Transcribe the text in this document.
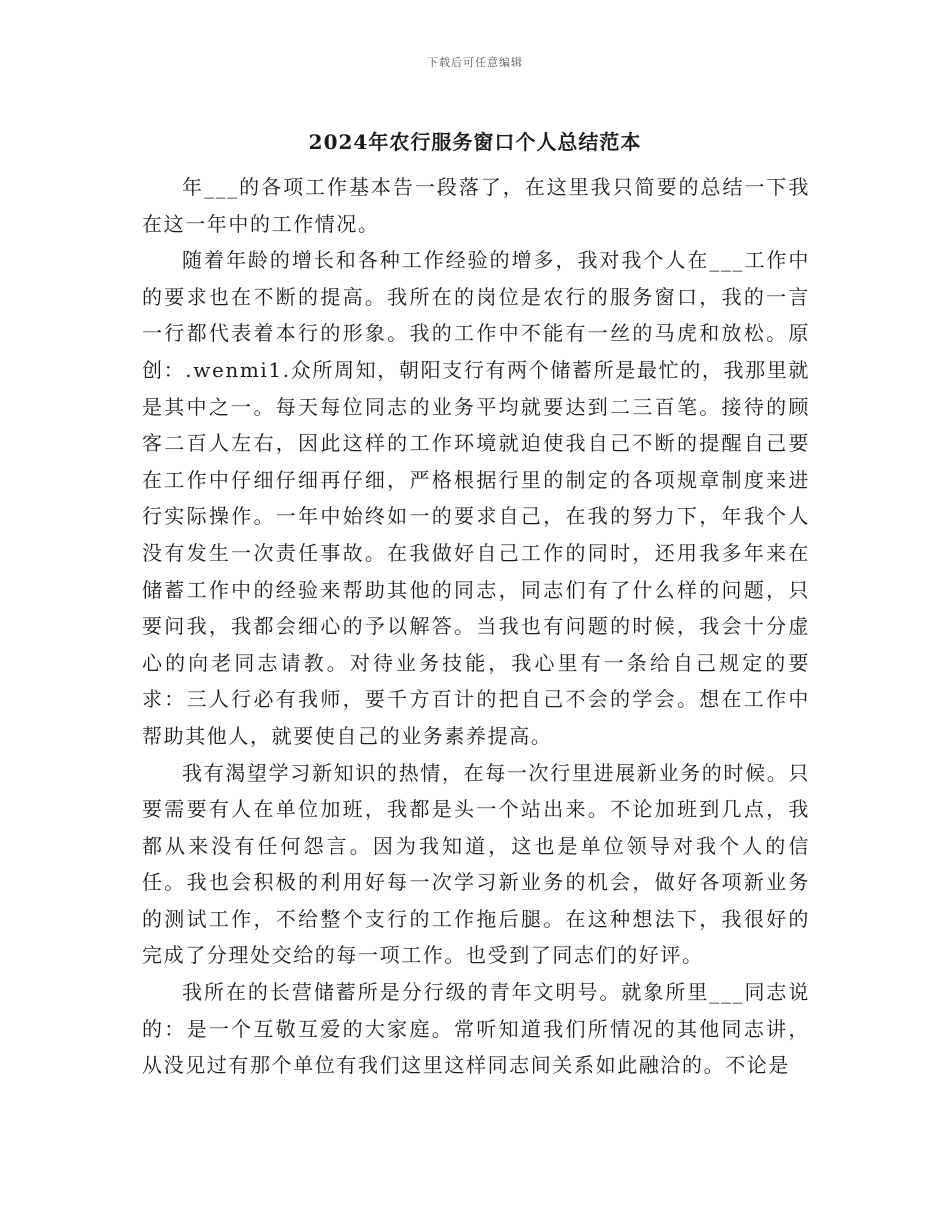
下载后可任意编辑
2024年农行服务窗口个人总结范本

年___的各项工作基本告一段落了，在这里我只简要的总结一下我在这一年中的工作情况。

随着年龄的增长和各种工作经验的增多，我对我个人在___工作中的要求也在不断的提高。我所在的岗位是农行的服务窗口，我的一言一行都代表着本行的形象。我的工作中不能有一丝的马虎和放松。原创：.wenmi1.众所周知，朝阳支行有两个储蓄所是最忙的，我那里就是其中之一。每天每位同志的业务平均就要达到二三百笔。接待的顾客二百人左右，因此这样的工作环境就迫使我自己不断的提醒自己要在工作中仔细仔细再仔细，严格根据行里的制定的各项规章制度来进行实际操作。一年中始终如一的要求自己，在我的努力下，年我个人没有发生一次责任事故。在我做好自己工作的同时，还用我多年来在储蓄工作中的经验来帮助其他的同志，同志们有了什么样的问题，只要问我，我都会细心的予以解答。当我也有问题的时候，我会十分虚心的向老同志请教。对待业务技能，我心里有一条给自己规定的要求：三人行必有我师，要千方百计的把自己不会的学会。想在工作中帮助其他人，就要使自己的业务素养提高。

我有渴望学习新知识的热情，在每一次行里进展新业务的时候。只要需要有人在单位加班，我都是头一个站出来。不论加班到几点，我都从来没有任何怨言。因为我知道，这也是单位领导对我个人的信任。我也会积极的利用好每一次学习新业务的机会，做好各项新业务的测试工作，不给整个支行的工作拖后腿。在这种想法下，我很好的完成了分理处交给的每一项工作。也受到了同志们的好评。

我所在的长营储蓄所是分行级的青年文明号。就象所里___同志说的：是一个互敬互爱的大家庭。常听知道我们所情况的其他同志讲，从没见过有那个单位有我们这里这样同志间关系如此融洽的。不论是
